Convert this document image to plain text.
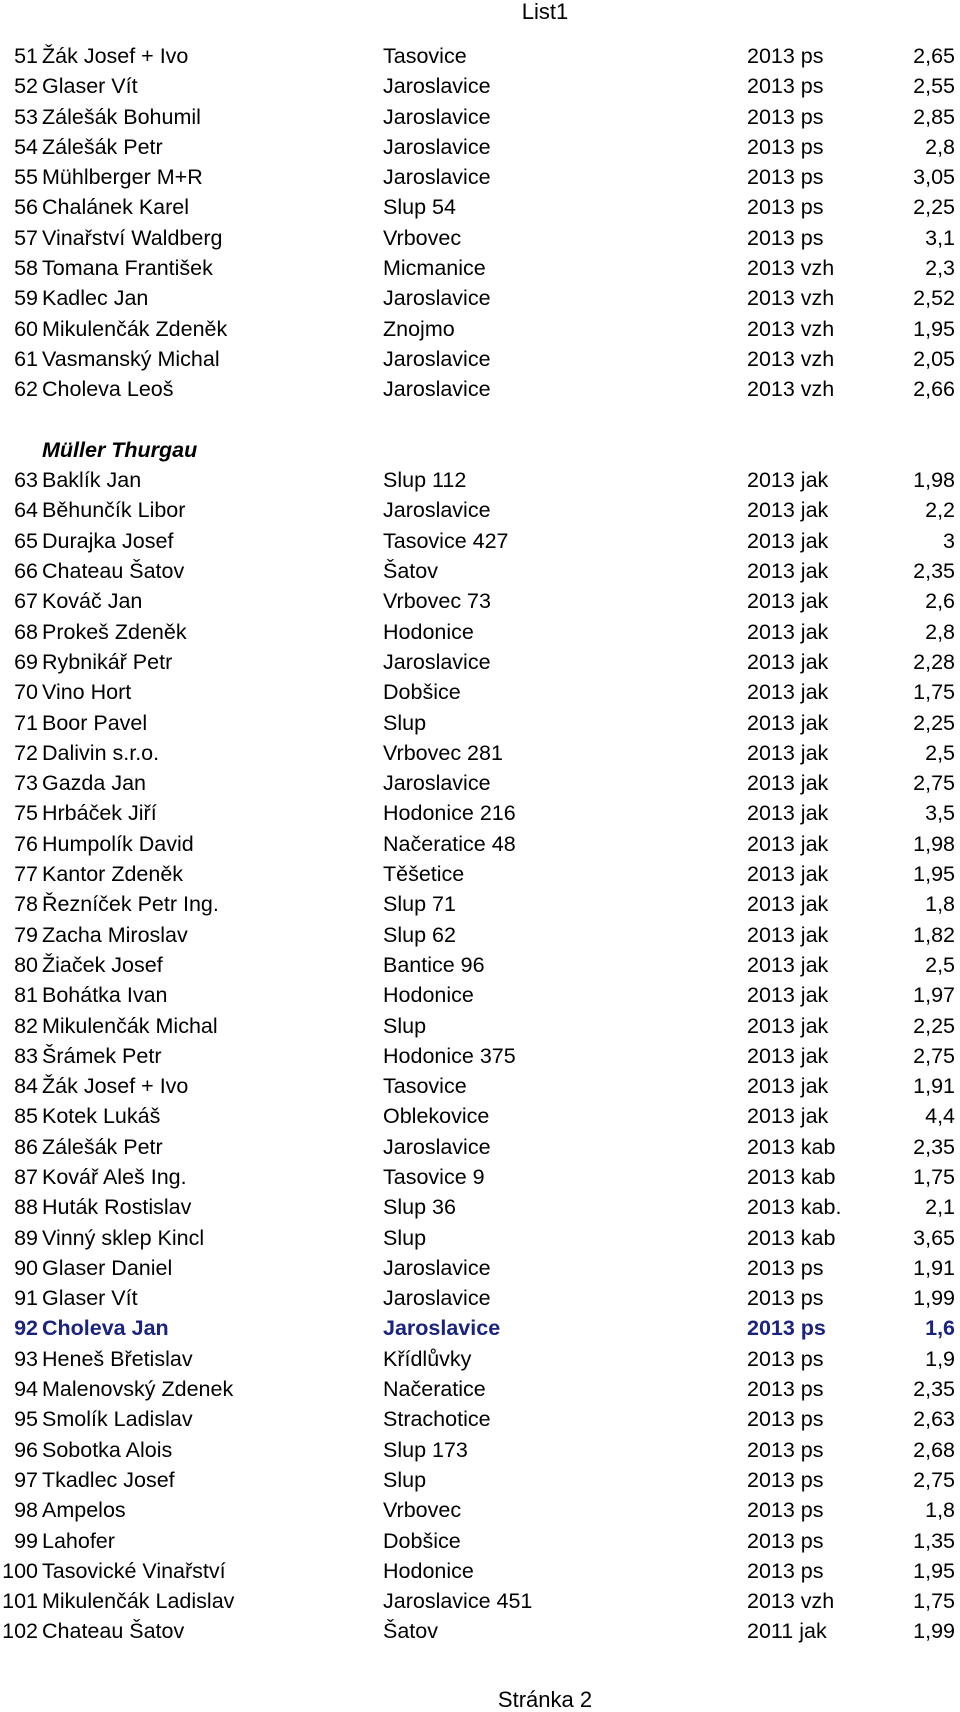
List1
51 Žák Josef + Ivo	Tasovice	2013 ps	2,65
52 Glaser Vít	Jaroslavice	2013 ps	2,55
53 Zálešák Bohumil	Jaroslavice	2013 ps	2,85
54 Zálešák Petr	Jaroslavice	2013 ps	2,8
55 Mühlberger M+R	Jaroslavice	2013 ps	3,05
56 Chalánek Karel	Slup 54	2013 ps	2,25
57 Vinařství Waldberg	Vrbovec	2013 ps	3,1
58 Tomana František	Micmanice	2013 vzh	2,3
59 Kadlec Jan	Jaroslavice	2013 vzh	2,52
60 Mikulenčák Zdeněk	Znojmo	2013 vzh	1,95
61 Vasmanský Michal	Jaroslavice	2013 vzh	2,05
62 Choleva Leoš	Jaroslavice	2013 vzh	2,66
Müller Thurgau
63 Baklík Jan	Slup 112	2013 jak	1,98
64 Běhunčík Libor	Jaroslavice	2013 jak	2,2
65 Durajka Josef	Tasovice 427	2013 jak	3
66 Chateau Šatov	Šatov	2013 jak	2,35
67 Kováč Jan	Vrbovec 73	2013 jak	2,6
68 Prokeš Zdeněk	Hodonice	2013 jak	2,8
69 Rybnikář Petr	Jaroslavice	2013 jak	2,28
70 Vino Hort	Dobšice	2013 jak	1,75
71 Boor Pavel	Slup	2013 jak	2,25
72 Dalivin s.r.o.	Vrbovec 281	2013 jak	2,5
73 Gazda Jan	Jaroslavice	2013 jak	2,75
75 Hrbáček Jiří	Hodonice 216	2013 jak	3,5
76 Humpolík David	Načeratice 48	2013 jak	1,98
77 Kantor Zdeněk	Těšetice	2013 jak	1,95
78 Řezníček Petr Ing.	Slup 71	2013 jak	1,8
79 Zacha Miroslav	Slup 62	2013 jak	1,82
80 Žiaček Josef	Bantice 96	2013 jak	2,5
81 Bohátka Ivan	Hodonice	2013 jak	1,97
82 Mikulenčák Michal	Slup	2013 jak	2,25
83 Šrámek Petr	Hodonice 375	2013 jak	2,75
84 Žák Josef + Ivo	Tasovice	2013 jak	1,91
85 Kotek Lukáš	Oblekovice	2013 jak	4,4
86 Zálešák Petr	Jaroslavice	2013 kab	2,35
87 Kovář Aleš Ing.	Tasovice 9	2013 kab	1,75
88 Huták Rostislav	Slup 36	2013 kab.	2,1
89 Vinný sklep Kincl	Slup	2013 kab	3,65
90 Glaser Daniel	Jaroslavice	2013 ps	1,91
91 Glaser Vít	Jaroslavice	2013 ps	1,99
92 Choleva Jan	Jaroslavice	2013 ps	1,6
93 Heneš Břetislav	Křídlůvky	2013 ps	1,9
94 Malenovský Zdenek	Načeratice	2013 ps	2,35
95 Smolík Ladislav	Strachotice	2013 ps	2,63
96 Sobotka Alois	Slup 173	2013 ps	2,68
97 Tkadlec Josef	Slup	2013 ps	2,75
98 Ampelos	Vrbovec	2013 ps	1,8
99 Lahofer	Dobšice	2013 ps	1,35
100 Tasovické Vinařství	Hodonice	2013 ps	1,95
101 Mikulenčák Ladislav	Jaroslavice 451	2013 vzh	1,75
102 Chateau Šatov	Šatov	2011 jak	1,99
Stránka 2
